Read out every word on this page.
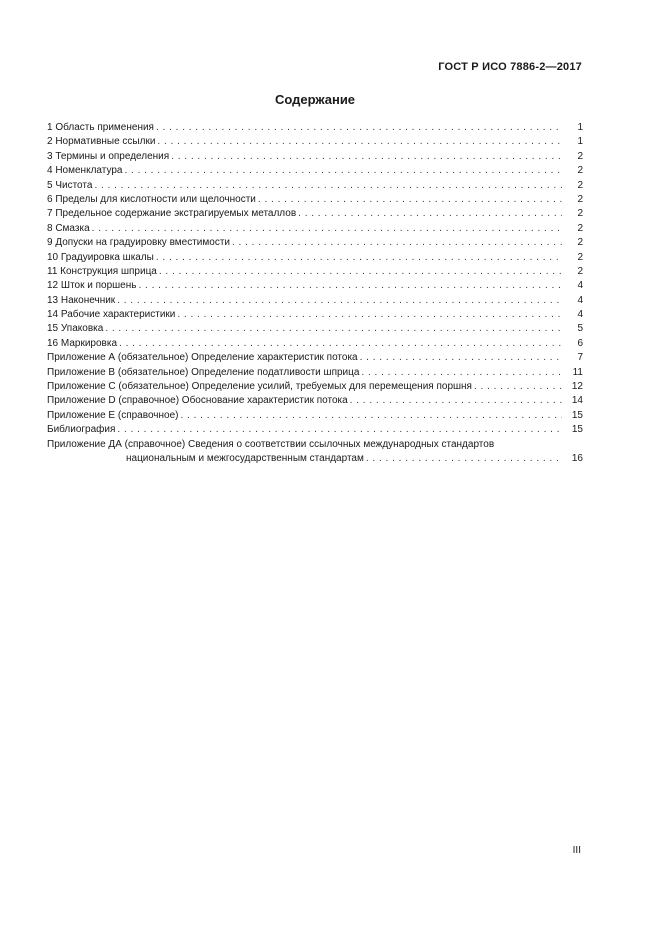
ГОСТ Р ИСО 7886-2—2017
Содержание
1 Область применения . . .	1
2 Нормативные ссылки . . .	1
3 Термины и определения . . .	2
4 Номенклатура . . .	2
5 Чистота . . .	2
6 Пределы для кислотности или щелочности . . .	2
7 Предельное содержание экстрагируемых металлов . . .	2
8 Смазка . . .	2
9 Допуски на градуировку вместимости . . .	2
10 Градуировка шкалы . . .	2
11 Конструкция шприца . . .	2
12 Шток и поршень . . .	4
13 Наконечник . . .	4
14 Рабочие характеристики . . .	4
15 Упаковка . . .	5
16 Маркировка . . .	6
Приложение А (обязательное) Определение характеристик потока . . .	7
Приложение В (обязательное) Определение податливости шприца . . .	11
Приложение С (обязательное) Определение усилий, требуемых для перемещения поршня . . .	12
Приложение D (справочное) Обоснование характеристик потока . . .	14
Приложение Е (справочное) . . .	15
Библиография . . .	15
Приложение ДА (справочное) Сведения о соответствии ссылочных международных стандартов
национальным и межгосударственным стандартам . . .	16
III
